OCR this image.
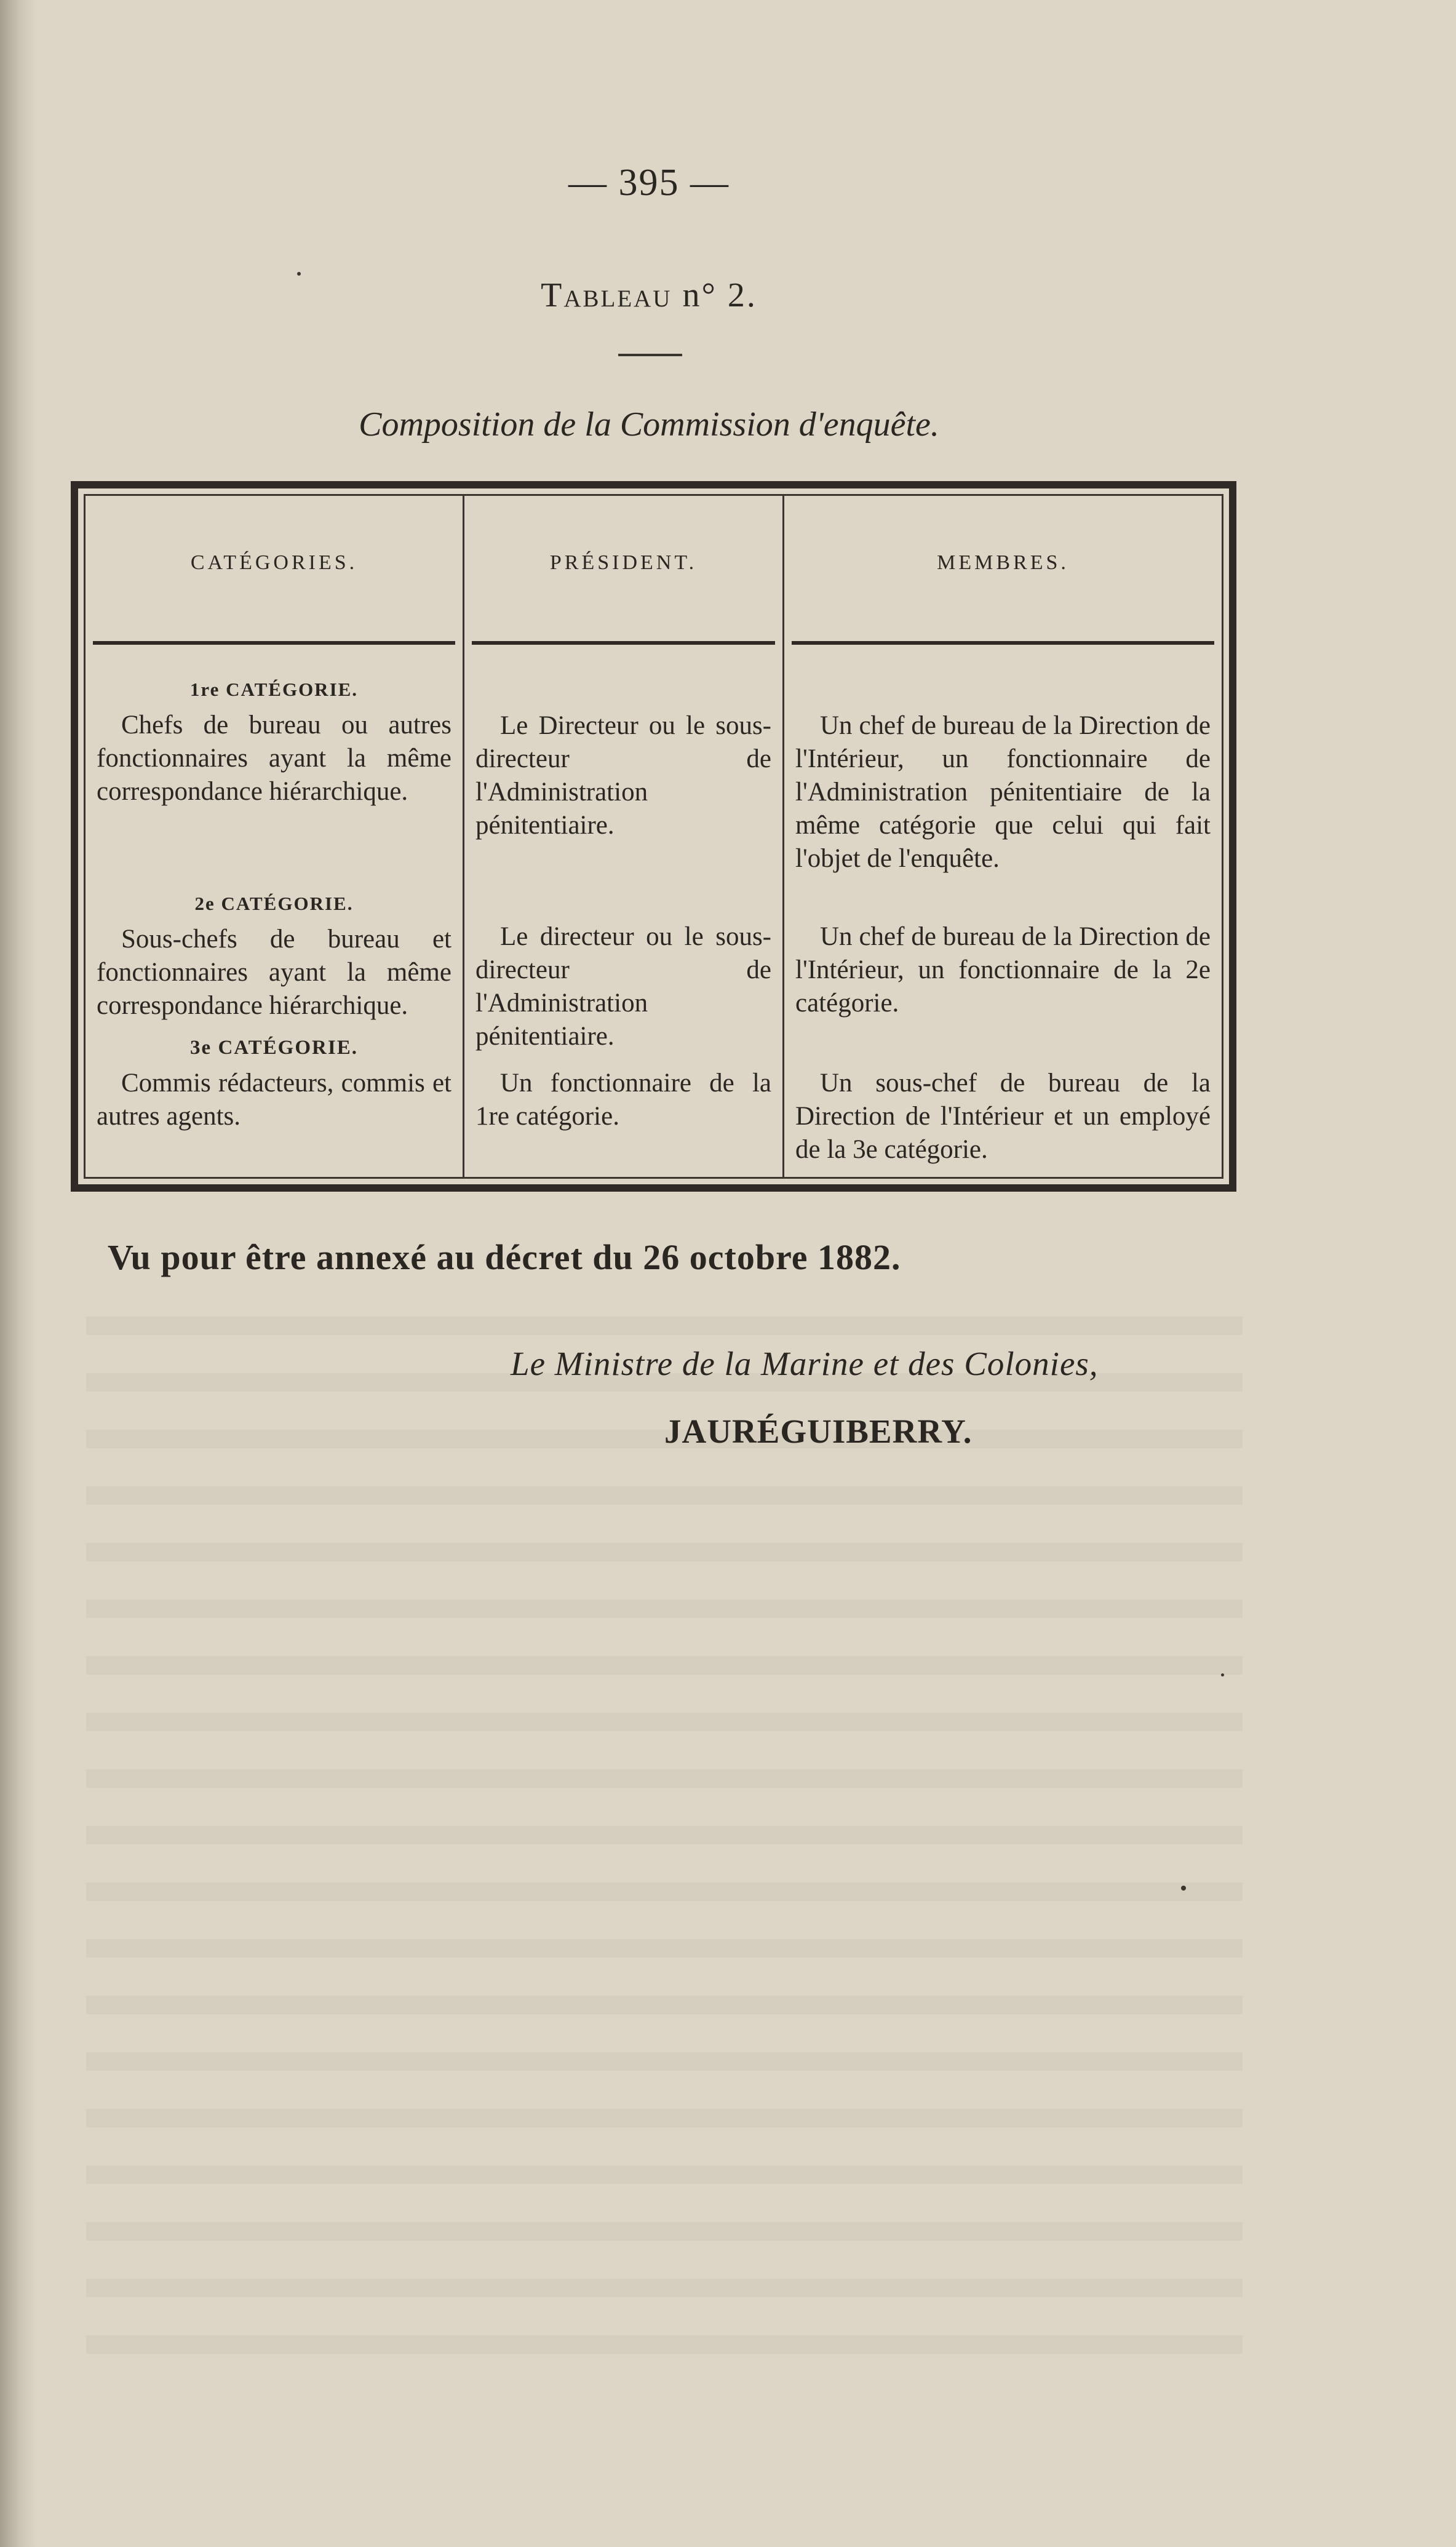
— 395 —
Tableau n° 2.
Composition de la Commission d'enquête.
CATÉGORIES.
1re CATÉGORIE.
Chefs de bureau ou autres fonctionnaires ayant la même correspondance hiérarchique.
2e CATÉGORIE.
Sous-chefs de bureau et fonctionnaires ayant la même correspondance hiérarchique.
3e CATÉGORIE.
Commis rédacteurs, commis et autres agents.
PRÉSIDENT.
Le Directeur ou le sous-directeur de l'Administration pénitentiaire.
Le directeur ou le sous-directeur de l'Administration pénitentiaire.
Un fonctionnaire de la 1re catégorie.
MEMBRES.
Un chef de bureau de la Direction de l'Intérieur, un fonctionnaire de l'Administration pénitentiaire de la même catégorie que celui qui fait l'objet de l'enquête.
Un chef de bureau de la Direction de l'Intérieur, un fonctionnaire de la 2e catégorie.
Un sous-chef de bureau de la Direction de l'Intérieur et un employé de la 3e catégorie.
Vu pour être annexé au décret du 26 octobre 1882.
Le Ministre de la Marine et des Colonies,
JAURÉGUIBERRY.
